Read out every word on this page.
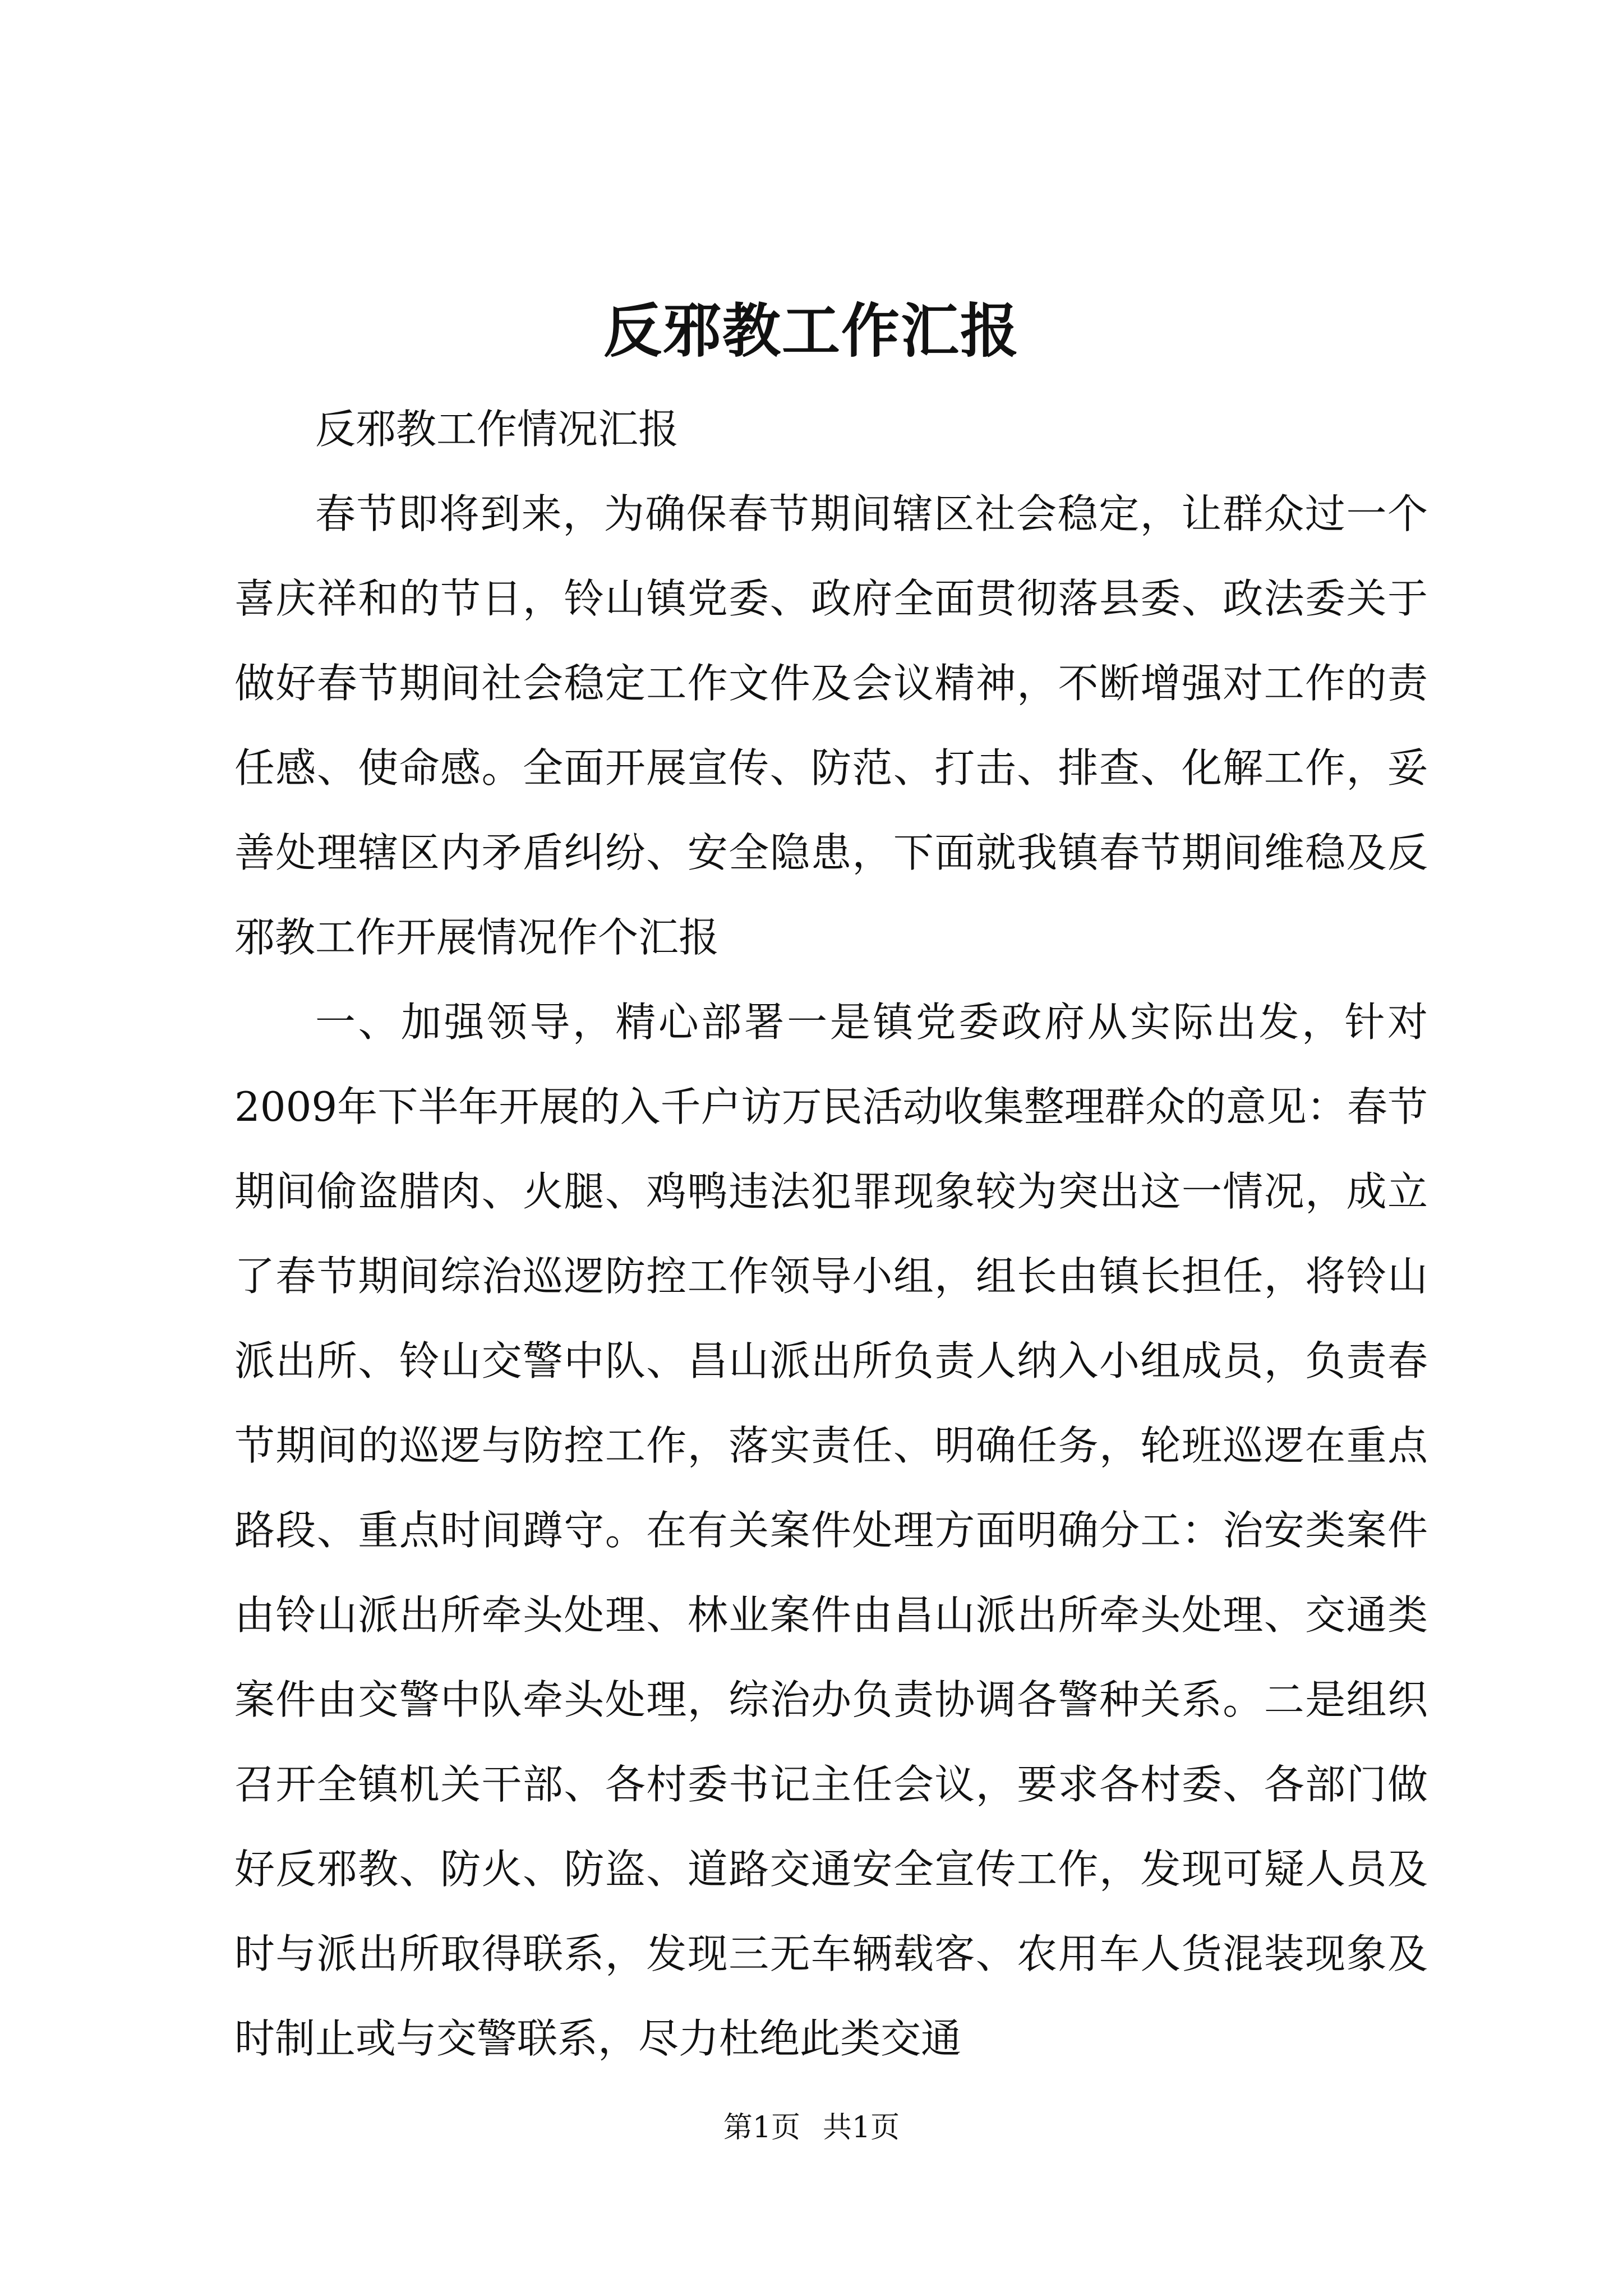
反邪教工作汇报

反邪教工作情况汇报

春节即将到来，为确保春节期间辖区社会稳定，让群众过一个喜庆祥和的节日，铃山镇党委、政府全面贯彻落县委、政法委关于做好春节期间社会稳定工作文件及会议精神，不断增强对工作的责任感、使命感。全面开展宣传、防范、打击、排查、化解工作，妥善处理辖区内矛盾纠纷、安全隐患，下面就我镇春节期间维稳及反邪教工作开展情况作个汇报

一、加强领导，精心部署一是镇党委政府从实际出发，针对2009年下半年开展的入千户访万民活动收集整理群众的意见：春节期间偷盗腊肉、火腿、鸡鸭违法犯罪现象较为突出这一情况，成立了春节期间综治巡逻防控工作领导小组，组长由镇长担任，将铃山派出所、铃山交警中队、昌山派出所负责人纳入小组成员，负责春节期间的巡逻与防控工作，落实责任、明确任务，轮班巡逻在重点路段、重点时间蹲守。在有关案件处理方面明确分工：治安类案件由铃山派出所牵头处理、林业案件由昌山派出所牵头处理、交通类案件由交警中队牵头处理，综治办负责协调各警种关系。二是组织召开全镇机关干部、各村委书记主任会议，要求各村委、各部门做好反邪教、防火、防盗、道路交通安全宣传工作，发现可疑人员及时与派出所取得联系，发现三无车辆载客、农用车人货混装现象及时制止或与交警联系，尽力杜绝此类交通

第1页 共1页
